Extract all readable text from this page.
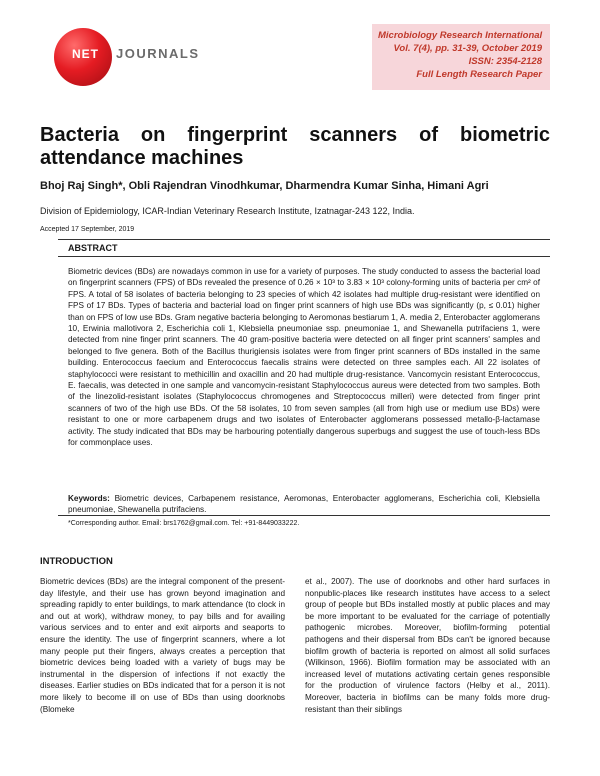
NET JOURNALS
Microbiology Research International
Vol. 7(4), pp. 31-39, October 2019
ISSN: 2354-2128
Full Length Research Paper
Bacteria on fingerprint scanners of biometric attendance machines
Bhoj Raj Singh*, Obli Rajendran Vinodhkumar, Dharmendra Kumar Sinha, Himani Agri
Division of Epidemiology, ICAR-Indian Veterinary Research Institute, Izatnagar-243 122, India.
Accepted 17 September, 2019
ABSTRACT

Biometric devices (BDs) are nowadays common in use for a variety of purposes. The study conducted to assess the bacterial load on fingerprint scanners (FPS) of BDs revealed the presence of 0.26 × 10³ to 3.83 × 10³ colony-forming units of bacteria per cm² of FPS. A total of 58 isolates of bacteria belonging to 23 species of which 42 isolates had multiple drug-resistant were identified on FPS of 17 BDs. Types of bacteria and bacterial load on finger print scanners of high use BDs was significantly (p, ≤ 0.01) higher than on FPS of low use BDs. Gram negative bacteria belonging to Aeromonas bestiarum 1, A. media 2, Enterobacter agglomerans 10, Erwinia mallotivora 2, Escherichia coli 1, Klebsiella pneumoniae ssp. pneumoniae 1, and Shewanella putrifaciens 1, were detected from nine finger print scanners. The 40 gram-positive bacteria were detected on all finger print scanners' samples and belonged to five genera. Both of the Bacillus thurigiensis isolates were from finger print scanners of BDs installed in the same building. Enterococcus faecium and Enterococcus faecalis strains were detected on three samples each. All 22 isolates of staphylococci were resistant to methicillin and oxacillin and 20 had multiple drug-resistance. Vancomycin resistant Enterococcus, E. faecalis, was detected in one sample and vancomycin-resistant Staphylococcus aureus were detected from two samples. Both of the linezolid-resistant isolates (Staphylococcus chromogenes and Streptococcus milleri) were detected from finger print scanners of two of the high use BDs. Of the 58 isolates, 10 from seven samples (all from high use or medium use BDs) were resistant to one or more carbapenem drugs and two isolates of Enterobacter agglomerans possessed metallo-β-lactamase activity. The study indicated that BDs may be harbouring potentially dangerous superbugs and suggest the use of touch-less BDs for commonplace uses.

Keywords: Biometric devices, Carbapenem resistance, Aeromonas, Enterobacter agglomerans, Escherichia coli, Klebsiella pneumoniae, Shewanella putrifaciens.
*Corresponding author. Email: brs1762@gmail.com. Tel: +91-8449033222.
INTRODUCTION

Biometric devices (BDs) are the integral component of the present-day lifestyle, and their use has grown beyond imagination and spreading rapidly to enter buildings, to mark attendance (to clock in and out at work), withdraw money, to pay bills and for availing various services and to enter and exit airports and seaports to ensure the identity. The use of fingerprint scanners, where a lot many people put their fingers, always creates a perception that biometric devices being loaded with a variety of bugs may be instrumental in the dispersion of infections if not exactly the diseases. Earlier studies on BDs indicated that for a person it is not more likely to become ill on use of BDs than using doorknobs (Blomeke

et al., 2007). The use of doorknobs and other hard surfaces in nonpublic-places like research institutes have access to a select group of people but BDs installed mostly at public places and may be more important to be evaluated for the carriage of potentially pathogenic microbes. Moreover, biofilm-forming potential pathogens and their dispersal from BDs can't be ignored because biofilm growth of bacteria is reported on almost all solid surfaces (Wilkinson, 1966). Biofilm formation may be associated with an increased level of mutations activating certain genes responsible for the production of virulence factors (Helby et al., 2011). Moreover, bacteria in biofilms can be many folds more drug-resistant than their siblings
